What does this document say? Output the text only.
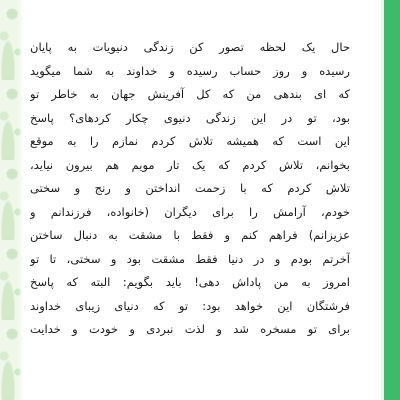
حال یک لحظه تصور کن زندگی دنیویات به پایان
رسیده و روز حساب رسیده و خداوند به شما میگوید
که ای بندهی من که کل آفرینش جهان به خاطر تو
بود، تو در این زندگی دنیوی چکار کردهای؟ پاسخ
این است که همیشه تلاش کردم نمازم را به موقع
بخوانم، تلاش کردم که یک تار مویم هم بیرون نیاید،
تلاش کردم که با زحمت انداختن و رنج و سختی
خودم، آرامش را برای دیگران (خانواده، فرزندانم و
عزیزانم) فراهم کنم و فقط با مشقت به دنبال ساختن
آخرتم بودم و در دنیا فقط مشقت بود و سختی، تا تو
امروز به من پاداش دهی! باید بگویم: البته که پاسخ
فرشتگان این خواهد بود: تو که دنیای زیبای خداوند
برای تو مسخره شد و لذت نبردی و خودت و خدایت
